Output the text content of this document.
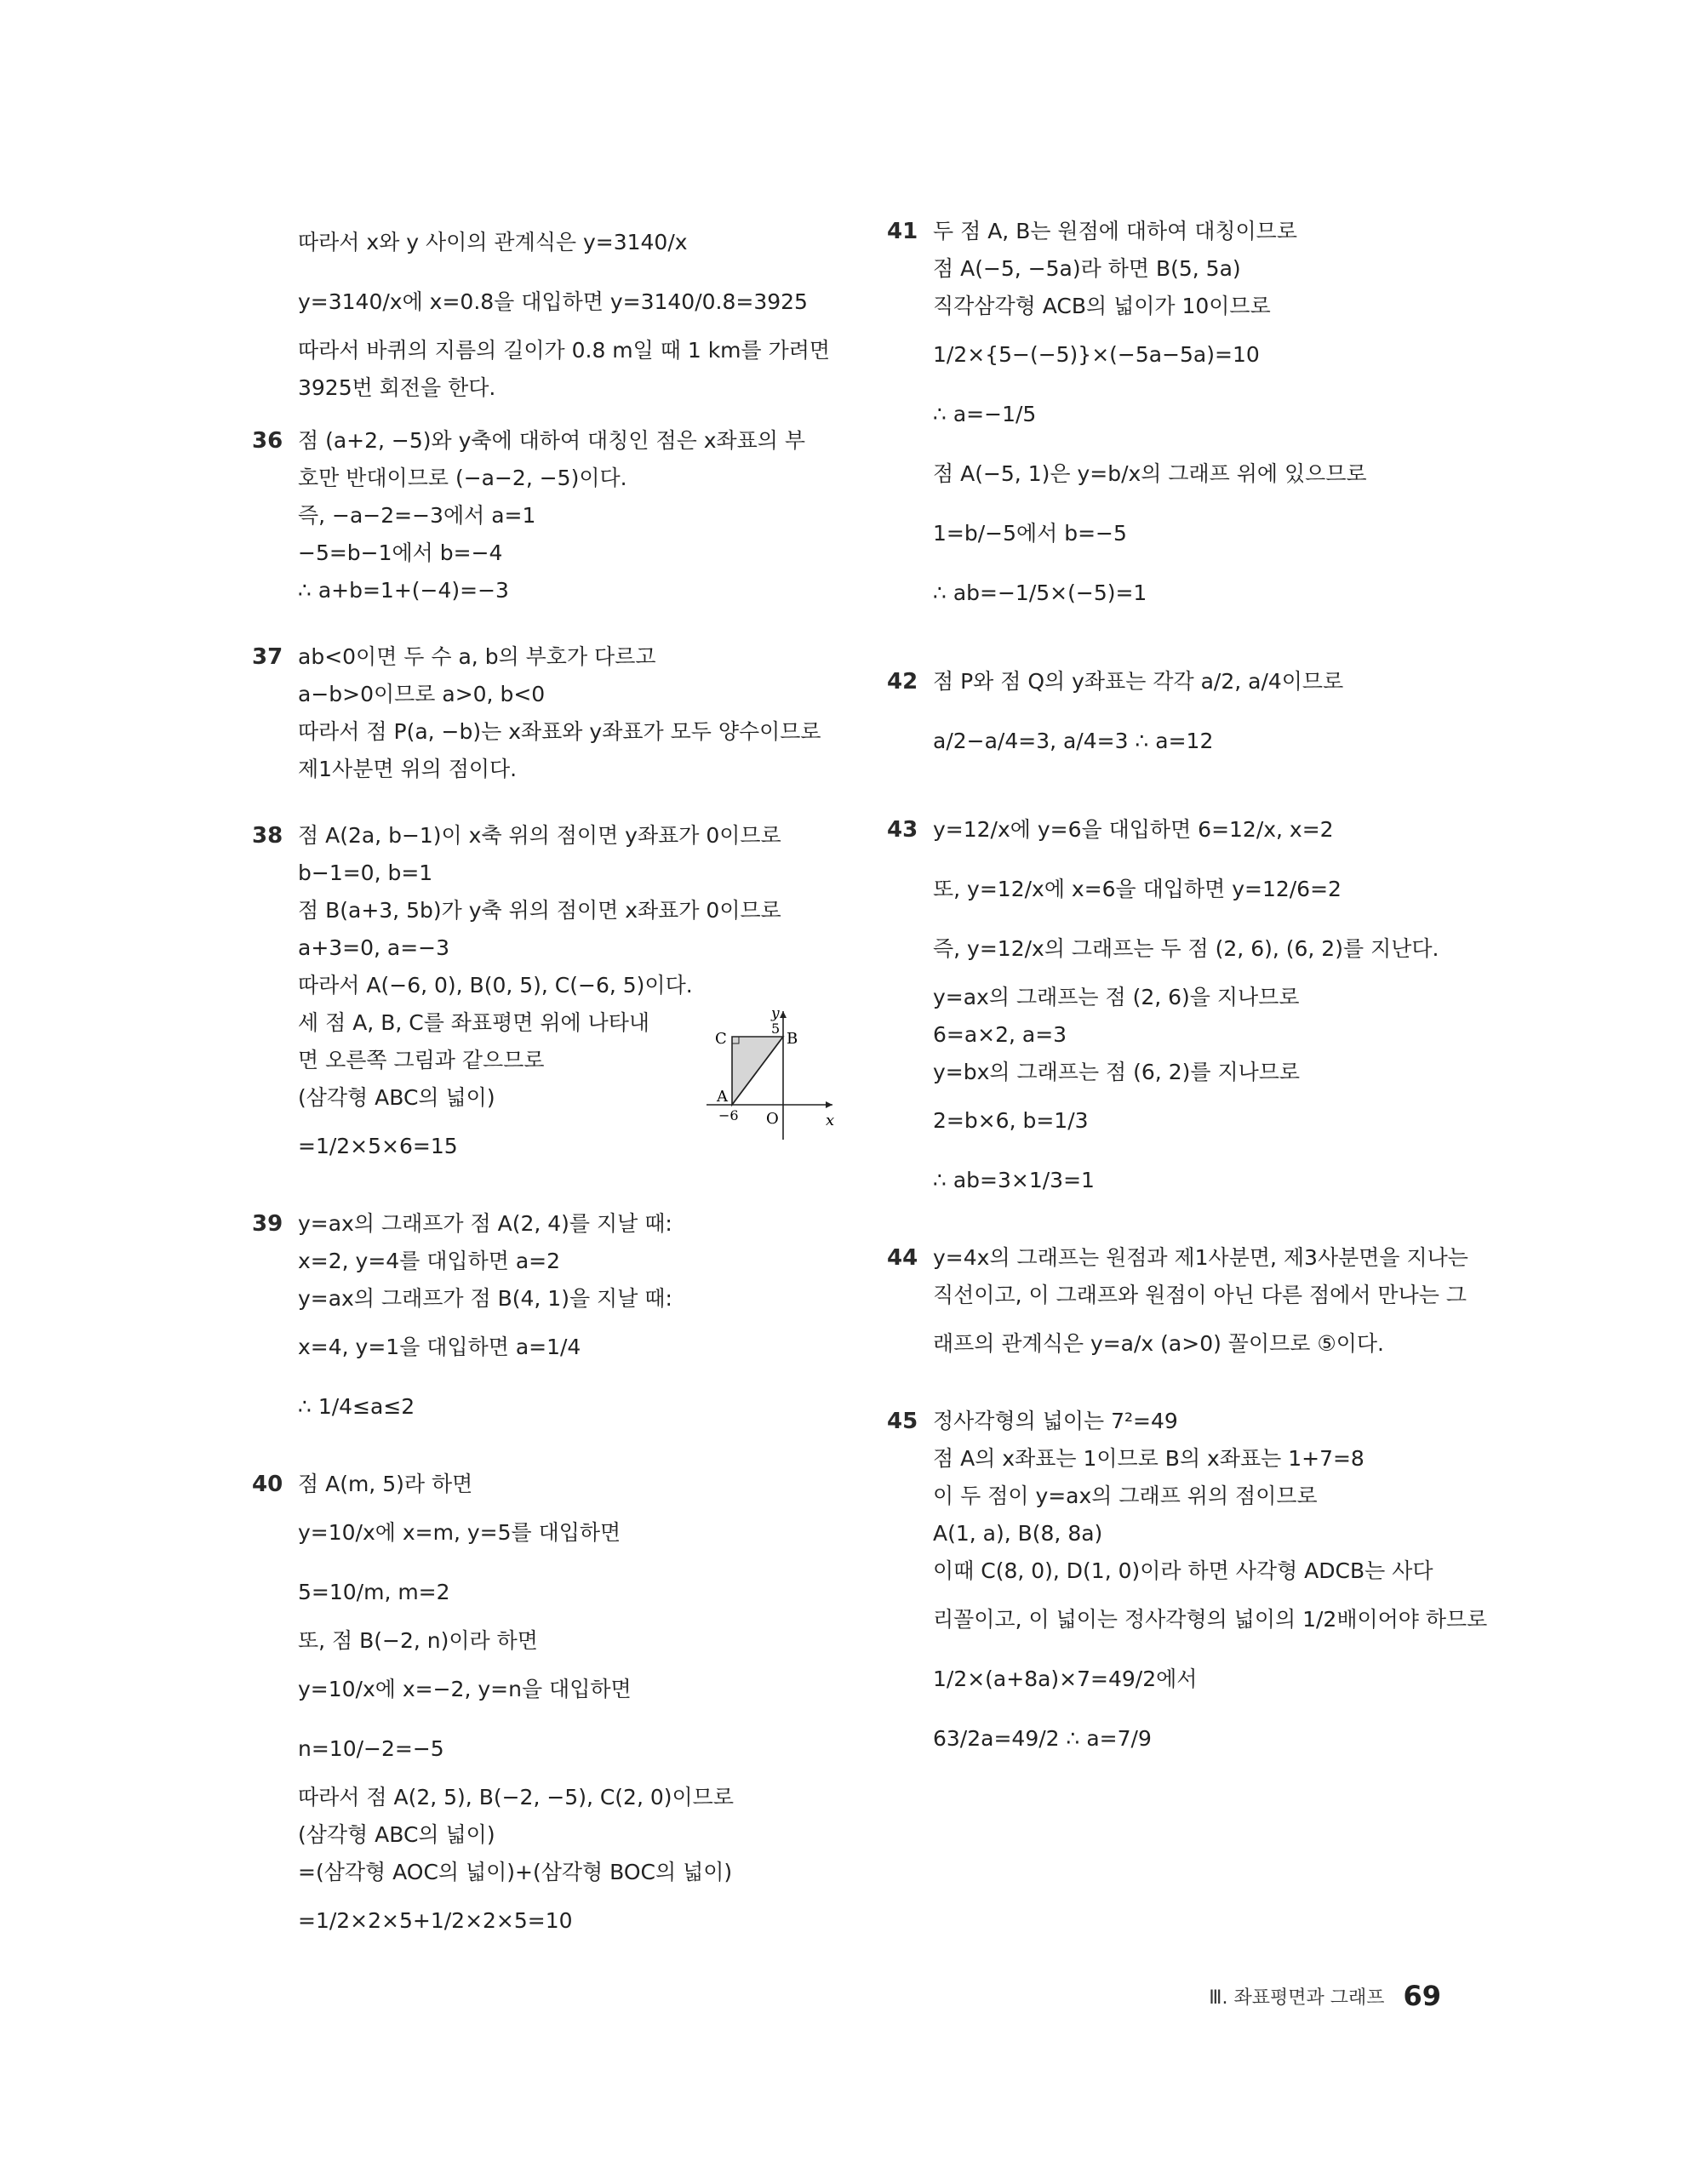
따라서 x와 y 사이의 관계식은 y=3140/x
y=3140/x에 x=0.8을 대입하면 y=3140/0.8=3925
따라서 바퀴의 지름의 길이가 0.8 m일 때 1 km를 가려면
3925번 회전을 한다.
36 점 (a+2, −5)와 y축에 대하여 대칭인 점은 x좌표의 부
호만 반대이므로 (−a−2, −5)이다.
즉, −a−2=−3에서 a=1
−5=b−1에서 b=−4
∴ a+b=1+(−4)=−3
37 ab<0이면 두 수 a, b의 부호가 다르고
a−b>0이므로 a>0, b<0
따라서 점 P(a, −b)는 x좌표와 y좌표가 모두 양수이므로
제1사분면 위의 점이다.
38 점 A(2a, b−1)이 x축 위의 점이면 y좌표가 0이므로
b−1=0, b=1
점 B(a+3, 5b)가 y축 위의 점이면 x좌표가 0이므로
a+3=0, a=−3
따라서 A(−6, 0), B(0, 5), C(−6, 5)이다.
세 점 A, B, C를 좌표평면 위에 나타내
면 오른쪽 그림과 같으므로
(삼각형 ABC의 넓이)
=1/2×5×6=15
y
x
O
A
B
C
5
−6
39 y=ax의 그래프가 점 A(2, 4)를 지날 때:
x=2, y=4를 대입하면 a=2
y=ax의 그래프가 점 B(4, 1)을 지날 때:
x=4, y=1을 대입하면 a=1/4
∴ 1/4≤a≤2
40 점 A(m, 5)라 하면
y=10/x에 x=m, y=5를 대입하면
5=10/m, m=2
또, 점 B(−2, n)이라 하면
y=10/x에 x=−2, y=n을 대입하면
n=10/−2=−5
따라서 점 A(2, 5), B(−2, −5), C(2, 0)이므로
(삼각형 ABC의 넓이)
=(삼각형 AOC의 넓이)+(삼각형 BOC의 넓이)
=1/2×2×5+1/2×2×5=10
41 두 점 A, B는 원점에 대하여 대칭이므로
점 A(−5, −5a)라 하면 B(5, 5a)
직각삼각형 ACB의 넓이가 10이므로
1/2×{5−(−5)}×(−5a−5a)=10
∴ a=−1/5
점 A(−5, 1)은 y=b/x의 그래프 위에 있으므로
1=b/−5에서 b=−5
∴ ab=−1/5×(−5)=1
42 점 P와 점 Q의 y좌표는 각각 a/2, a/4이므로
a/2−a/4=3, a/4=3 ∴ a=12
43 y=12/x에 y=6을 대입하면 6=12/x, x=2
또, y=12/x에 x=6을 대입하면 y=12/6=2
즉, y=12/x의 그래프는 두 점 (2, 6), (6, 2)를 지난다.
y=ax의 그래프는 점 (2, 6)을 지나므로
6=a×2, a=3
y=bx의 그래프는 점 (6, 2)를 지나므로
2=b×6, b=1/3
∴ ab=3×1/3=1
44 y=4x의 그래프는 원점과 제1사분면, 제3사분면을 지나는
직선이고, 이 그래프와 원점이 아닌 다른 점에서 만나는 그
래프의 관계식은 y=a/x (a>0) 꼴이므로 ⑤이다.
45 정사각형의 넓이는 7²=49
점 A의 x좌표는 1이므로 B의 x좌표는 1+7=8
이 두 점이 y=ax의 그래프 위의 점이므로
A(1, a), B(8, 8a)
이때 C(8, 0), D(1, 0)이라 하면 사각형 ADCB는 사다
리꼴이고, 이 넓이는 정사각형의 넓이의 1/2배이어야 하므로
1/2×(a+8a)×7=49/2에서
63/2a=49/2 ∴ a=7/9
Ⅲ. 좌표평면과 그래프 69
